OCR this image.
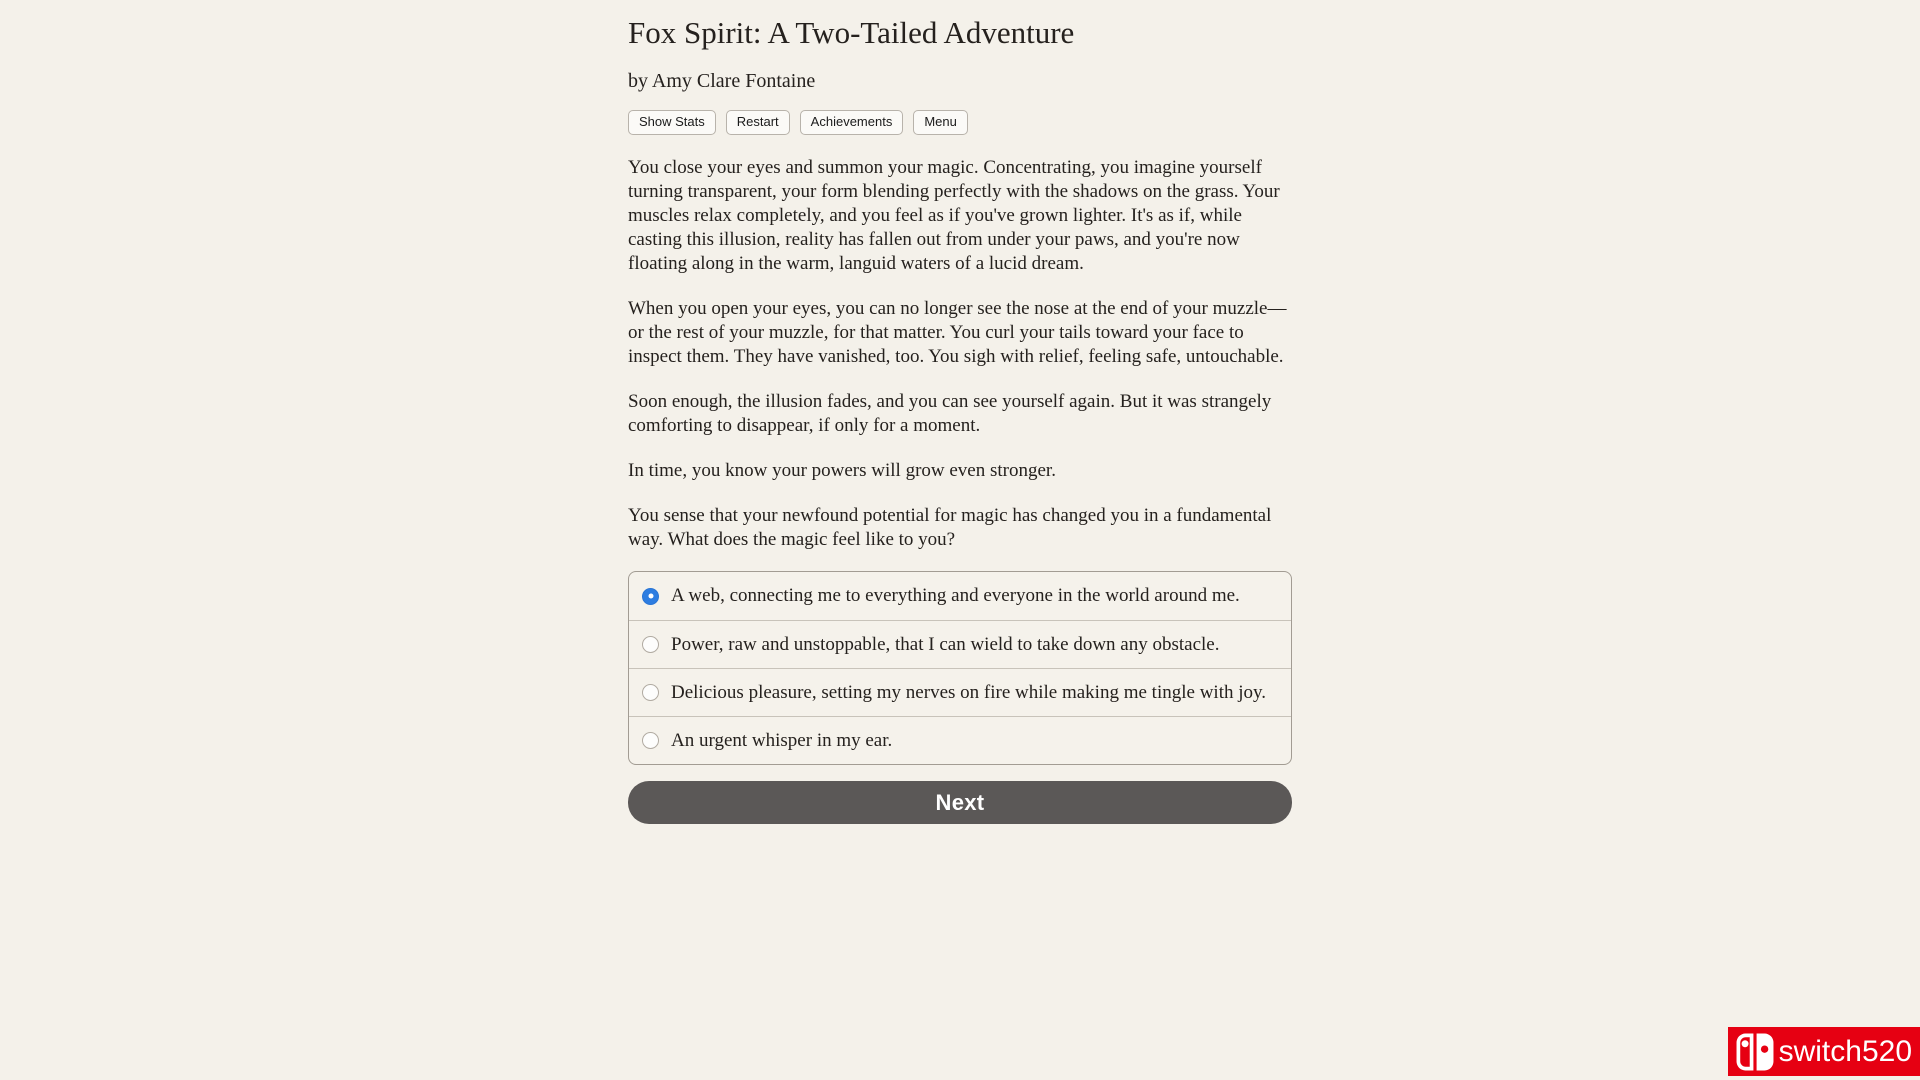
Fox Spirit: A Two-Tailed Adventure
by Amy Clare Fontaine
Show Stats	Restart	Achievements	Menu

You close your eyes and summon your magic. Concentrating, you imagine yourself turning transparent, your form blending perfectly with the shadows on the grass. Your muscles relax completely, and you feel as if you've grown lighter. It's as if, while casting this illusion, reality has fallen out from under your paws, and you're now floating along in the warm, languid waters of a lucid dream.

When you open your eyes, you can no longer see the nose at the end of your muzzle—or the rest of your muzzle, for that matter. You curl your tails toward your face to inspect them. They have vanished, too. You sigh with relief, feeling safe, untouchable.

Soon enough, the illusion fades, and you can see yourself again. But it was strangely comforting to disappear, if only for a moment.

In time, you know your powers will grow even stronger.

You sense that your newfound potential for magic has changed you in a fundamental way. What does the magic feel like to you?

A web, connecting me to everything and everyone in the world around me.
Power, raw and unstoppable, that I can wield to take down any obstacle.
Delicious pleasure, setting my nerves on fire while making me tingle with joy.
An urgent whisper in my ear.
Next
switch520
